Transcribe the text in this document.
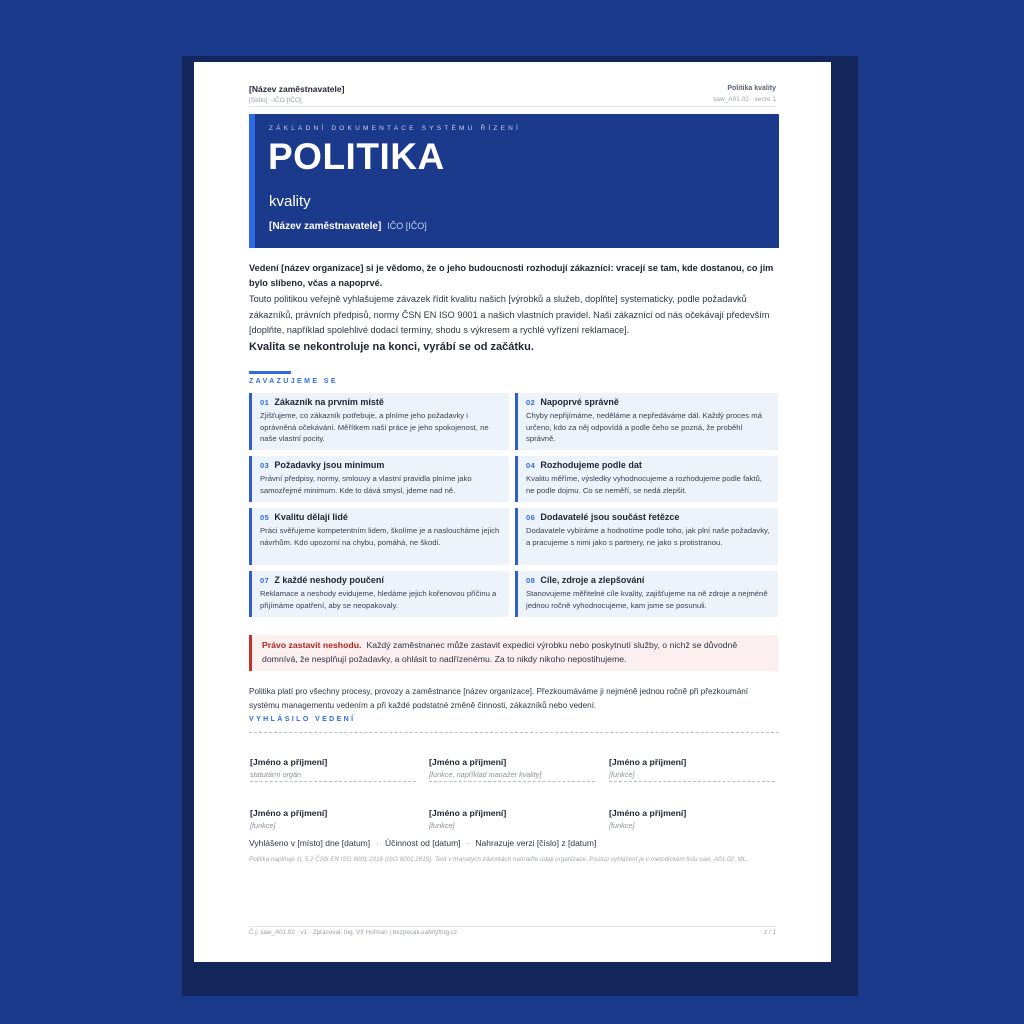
[Název zaměstnavatele]
[Sídlo] · IČO [IČO]
Politika kvality
saw_A01.02 · verze 1
ZÁKLADNÍ DOKUMENTACE SYSTÉMU ŘÍZENÍ
POLITIKA
kvality
[Název zaměstnavatele] IČO [IČO]

Vedení [název organizace] si je vědomo, že o jeho budoucnosti rozhodují zákazníci: vracejí se tam, kde dostanou, co jim bylo slíbeno, včas a napoprvé.

Touto politikou veřejně vyhlašujeme závazek řídit kvalitu našich [výrobků a služeb, doplňte] systematicky, podle požadavků zákazníků, právních předpisů, normy ČSN EN ISO 9001 a našich vlastních pravidel. Naši zákazníci od nás očekávají především [doplňte, například spolehlivé dodací termíny, shodu s výkresem a rychlé vyřízení reklamace].

Kvalita se nekontroluje na konci, vyrábí se od začátku.

ZAVAZUJEME SE
01 Zákazník na prvním místě
Zjišťujeme, co zákazník potřebuje, a plníme jeho požadavky i oprávněná očekávání. Měřítkem naší práce je jeho spokojenost, ne naše vlastní pocity.
02 Napoprvé správně
Chyby nepřijímáme, neděláme a nepředáváme dál. Každý proces má určeno, kdo za něj odpovídá a podle čeho se pozná, že proběhl správně.
03 Požadavky jsou minimum
Právní předpisy, normy, smlouvy a vlastní pravidla plníme jako samozřejmé minimum. Kde to dává smysl, jdeme nad ně.
04 Rozhodujeme podle dat
Kvalitu měříme, výsledky vyhodnocujeme a rozhodujeme podle faktů, ne podle dojmu. Co se neměří, se nedá zlepšit.
05 Kvalitu dělají lidé
Práci svěřujeme kompetentním lidem, školíme je a nasloucháme jejich návrhům. Kdo upozorní na chybu, pomáhá, ne škodí.
06 Dodavatelé jsou součást řetězce
Dodavatele vybíráme a hodnotíme podle toho, jak plní naše požadavky, a pracujeme s nimi jako s partnery, ne jako s protistranou.
07 Z každé neshody poučení
Reklamace a neshody evidujeme, hledáme jejich kořenovou příčinu a přijímáme opatření, aby se neopakovaly.
08 Cíle, zdroje a zlepšování
Stanovujeme měřitelné cíle kvality, zajišťujeme na ně zdroje a nejméně jednou ročně vyhodnocujeme, kam jsme se posunuli.
Právo zastavit neshodu. Každý zaměstnanec může zastavit expedici výrobku nebo poskytnutí služby, o nichž se důvodně domnívá, že nesplňují požadavky, a ohlásit to nadřízenému. Za to nikdy nikoho nepostihujeme.

Politika platí pro všechny procesy, provozy a zaměstnance [název organizace]. Přezkoumáváme ji nejméně jednou ročně při přezkoumání systému managementu vedením a při každé podstatné změně činnosti, zákazníků nebo vedení.

VYHLÁSILO VEDENÍ
[Jméno a příjmení]
statutární orgán
[Jméno a příjmení]
[funkce, například manažer kvality]
[Jméno a příjmení]
[funkce]
[Jméno a příjmení]
[funkce]
[Jméno a příjmení]
[funkce]
[Jméno a příjmení]
[funkce]
Vyhlášeno v [místo] dne [datum] · Účinnost od [datum] · Nahrazuje verzi [číslo] z [datum]

Politika naplňuje čl. 5.2 ČSN EN ISO 9001:2016 (ISO 9001:2015). Text v hranatých závorkách nahraďte údaji organizace. Postup vyhlášení je v metodickém listu saw_A01.02_ML.

Č.j. saw_A01.02 · v1 · Zpracoval: Ing. Vít Hofman | bezpecak.safetyfrog.cz	1 / 1
